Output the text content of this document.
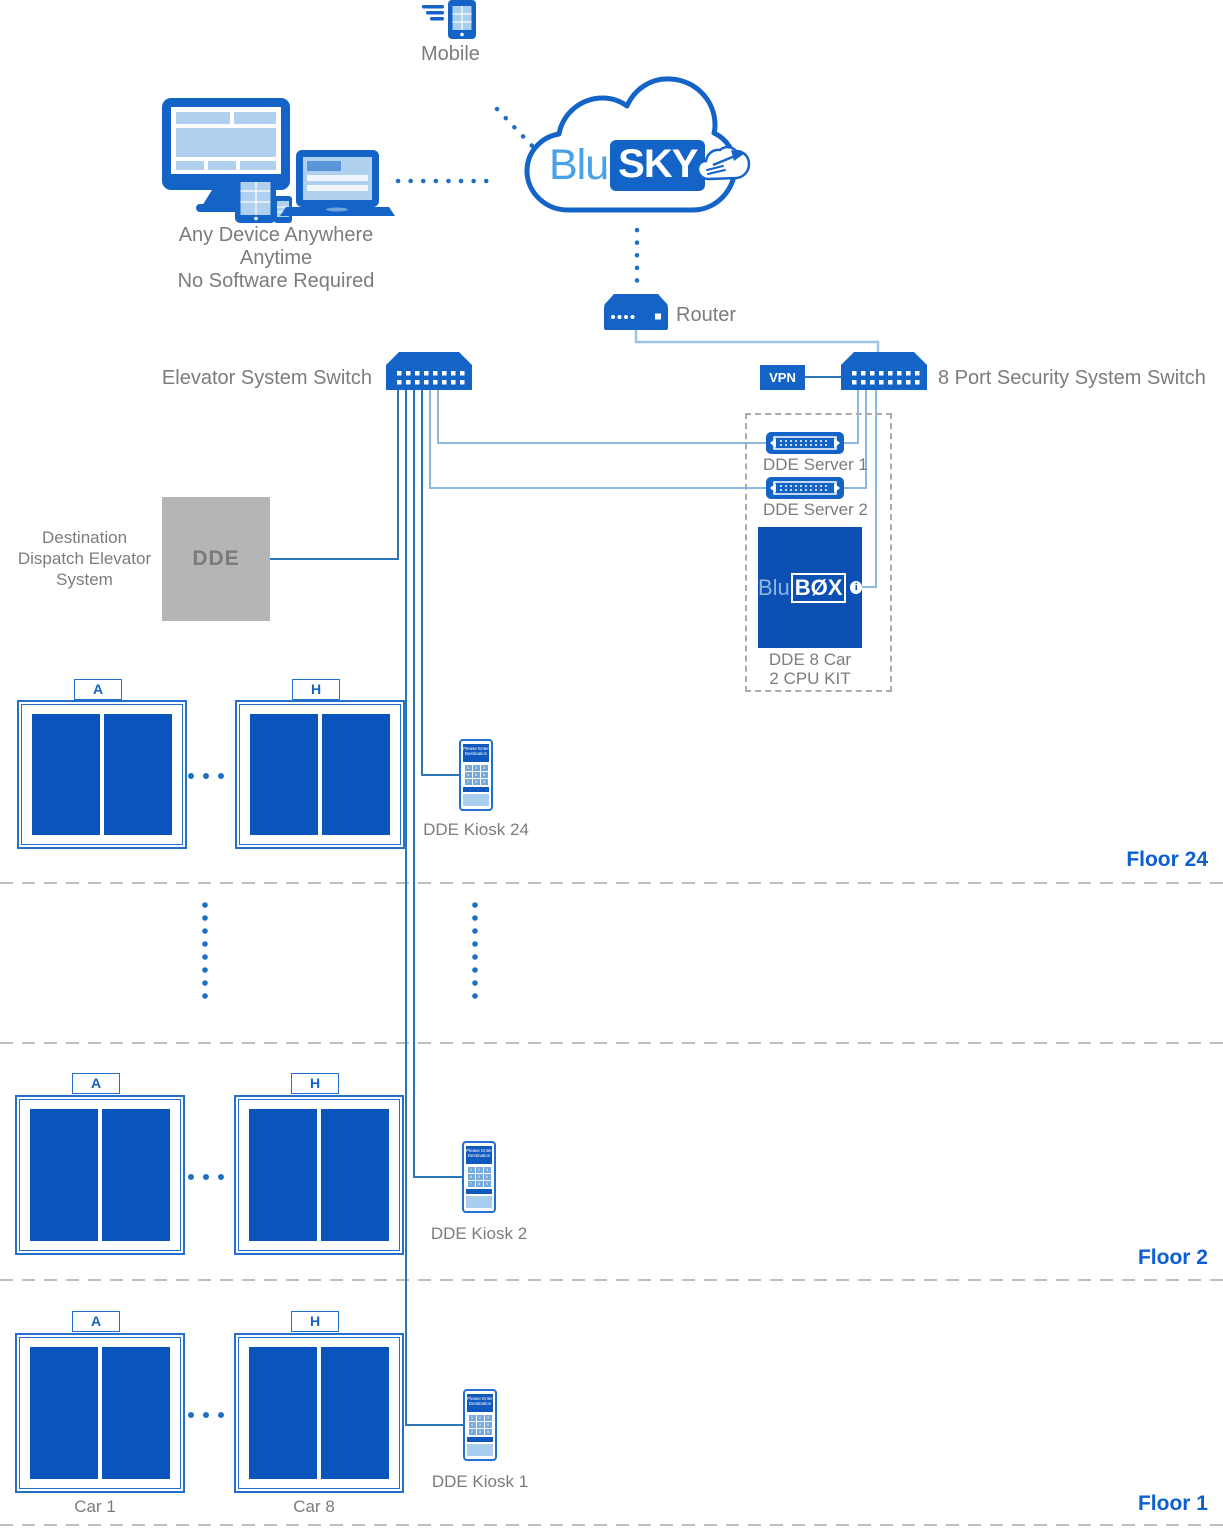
Mobile
Any Device Anywhere Anytime
No Software Required
Blu SKY
Router
Elevator System Switch	VPN	8 Port Security System Switch
DDE Server 1
DDE Server 2
Blu BØX	i
DDE 8 Car
2 CPU KIT
Destination
Dispatch Elevator
System
DDE
A	H
Please Enter Destination
1	2	3
4	5	6
7	8	9
DDE Kiosk 24
Floor 24
A	H
Please Enter Destination
1	2	3
4	5	6
7	8	9
DDE Kiosk 2
Floor 2
A	H
Please Enter Destination
1	2	3
4	5	6
7	8	9
DDE Kiosk 1
Car 1	Car 8	Floor 1
